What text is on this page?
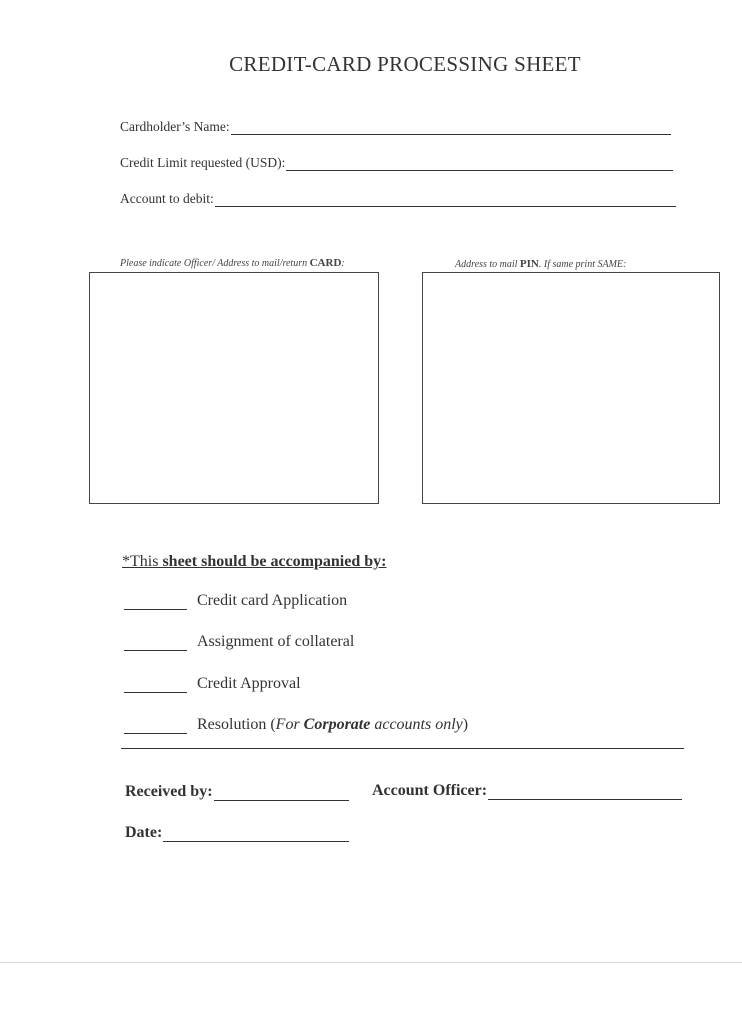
CREDIT-CARD PROCESSING SHEET
Cardholder’s Name:
Credit Limit requested (USD):
Account to debit:
Please indicate Officer/ Address to mail/return CARD:	Address to mail PIN. If same print SAME:
*This sheet should be accompanied by:
Credit card Application
Assignment of collateral
Credit Approval
Resolution (For Corporate accounts only)
Received by:	Account Officer:
Date:
